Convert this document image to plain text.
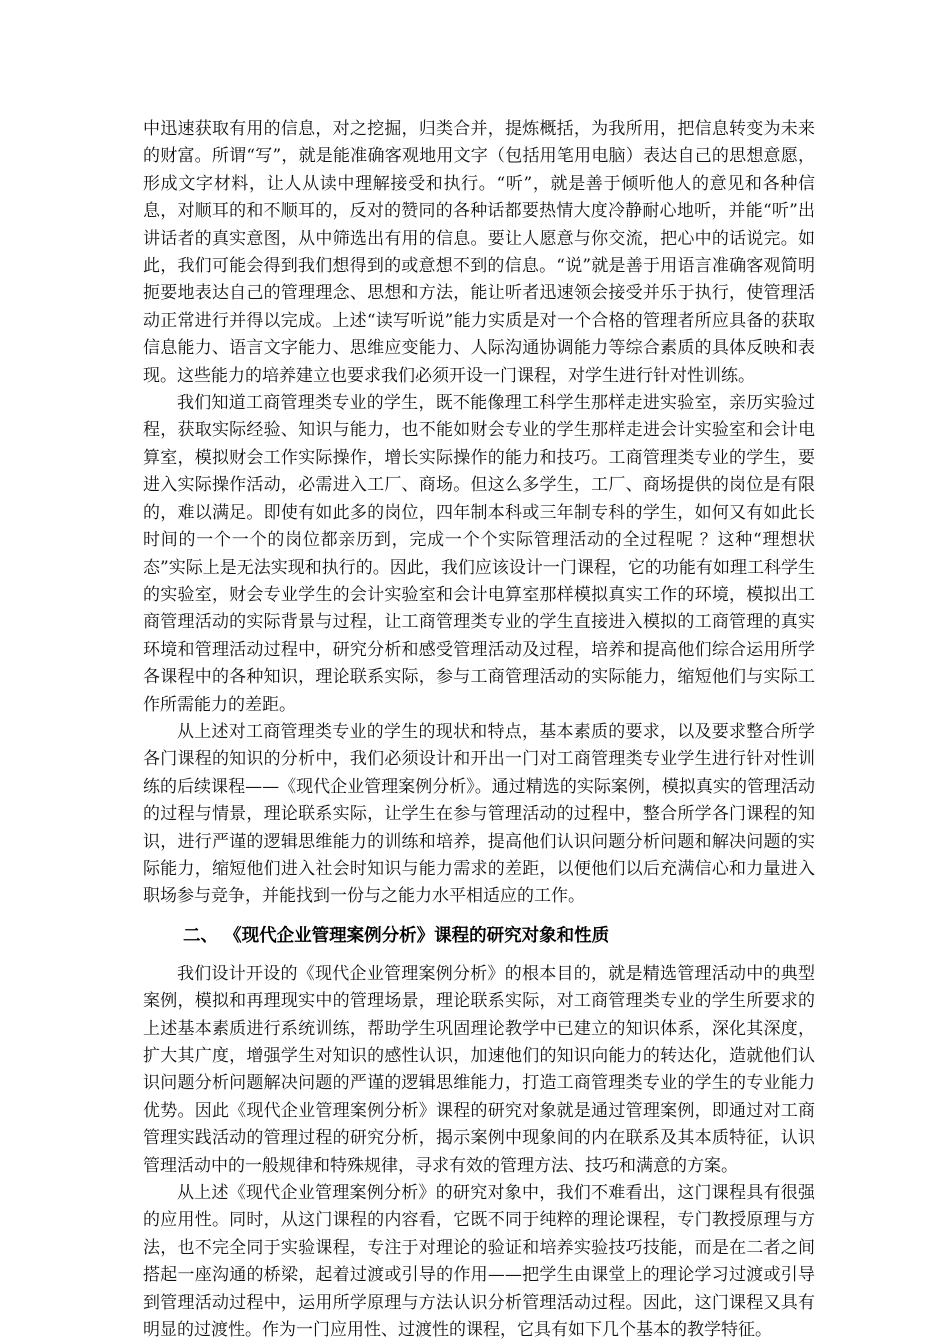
中迅速获取有用的信息，对之挖掘，归类合并，提炼概括，为我所用，把信息转变为未来的财富。所谓“写”，就是能准确客观地用文字（包括用笔用电脑）表达自己的思想意愿，形成文字材料，让人从读中理解接受和执行。“听”，就是善于倾听他人的意见和各种信息，对顺耳的和不顺耳的，反对的赞同的各种话都要热情大度冷静耐心地听，并能“听”出讲话者的真实意图，从中筛选出有用的信息。要让人愿意与你交流，把心中的话说完。如此，我们可能会得到我们想得到的或意想不到的信息。“说”就是善于用语言准确客观简明扼要地表达自己的管理理念、思想和方法，能让听者迅速领会接受并乐于执行，使管理活动正常进行并得以完成。上述“读写听说”能力实质是对一个合格的管理者所应具备的获取信息能力、语言文字能力、思维应变能力、人际沟通协调能力等综合素质的具体反映和表现。这些能力的培养建立也要求我们必须开设一门课程，对学生进行针对性训练。

我们知道工商管理类专业的学生，既不能像理工科学生那样走进实验室，亲历实验过程，获取实际经验、知识与能力，也不能如财会专业的学生那样走进会计实验室和会计电算室，模拟财会工作实际操作，增长实际操作的能力和技巧。工商管理类专业的学生，要进入实际操作活动，必需进入工厂、商场。但这么多学生，工厂、商场提供的岗位是有限的，难以满足。即使有如此多的岗位，四年制本科或三年制专科的学生，如何又有如此长时间的一个一个的岗位都亲历到，完成一个个实际管理活动的全过程呢 ？这种“理想状态”实际上是无法实现和执行的。因此，我们应该设计一门课程，它的功能有如理工科学生的实验室，财会专业学生的会计实验室和会计电算室那样模拟真实工作的环境，模拟出工商管理活动的实际背景与过程，让工商管理类专业的学生直接进入模拟的工商管理的真实环境和管理活动过程中，研究分析和感受管理活动及过程，培养和提高他们综合运用所学各课程中的各种知识，理论联系实际，参与工商管理活动的实际能力，缩短他们与实际工作所需能力的差距。

从上述对工商管理类专业的学生的现状和特点，基本素质的要求，以及要求整合所学各门课程的知识的分析中，我们必须设计和开出一门对工商管理类专业学生进行针对性训练的后续课程——《现代企业管理案例分析》。通过精选的实际案例，模拟真实的管理活动的过程与情景，理论联系实际，让学生在参与管理活动的过程中，整合所学各门课程的知识，进行严谨的逻辑思维能力的训练和培养，提高他们认识问题分析问题和解决问题的实际能力，缩短他们进入社会时知识与能力需求的差距，以便他们以后充满信心和力量进入职场参与竞争，并能找到一份与之能力水平相适应的工作。

二、 《现代企业管理案例分析》课程的研究对象和性质

我们设计开设的《现代企业管理案例分析》的根本目的，就是精选管理活动中的典型案例，模拟和再理现实中的管理场景，理论联系实际，对工商管理类专业的学生所要求的上述基本素质进行系统训练，帮助学生巩固理论教学中已建立的知识体系，深化其深度，扩大其广度，增强学生对知识的感性认识，加速他们的知识向能力的转达化，造就他们认识问题分析问题解决问题的严谨的逻辑思维能力，打造工商管理类专业的学生的专业能力优势。因此《现代企业管理案例分析》课程的研究对象就是通过管理案例，即通过对工商管理实践活动的管理过程的研究分析，揭示案例中现象间的内在联系及其本质特征，认识管理活动中的一般规律和特殊规律，寻求有效的管理方法、技巧和满意的方案。

从上述《现代企业管理案例分析》的研究对象中，我们不难看出，这门课程具有很强的应用性。同时，从这门课程的内容看，它既不同于纯粹的理论课程，专门教授原理与方法，也不完全同于实验课程，专注于对理论的验证和培养实验技巧技能，而是在二者之间搭起一座沟通的桥梁，起着过渡或引导的作用——把学生由课堂上的理论学习过渡或引导到管理活动过程中，运用所学原理与方法认识分析管理活动过程。因此，这门课程又具有明显的过渡性。作为一门应用性、过渡性的课程，它具有如下几个基本的教学特征。
